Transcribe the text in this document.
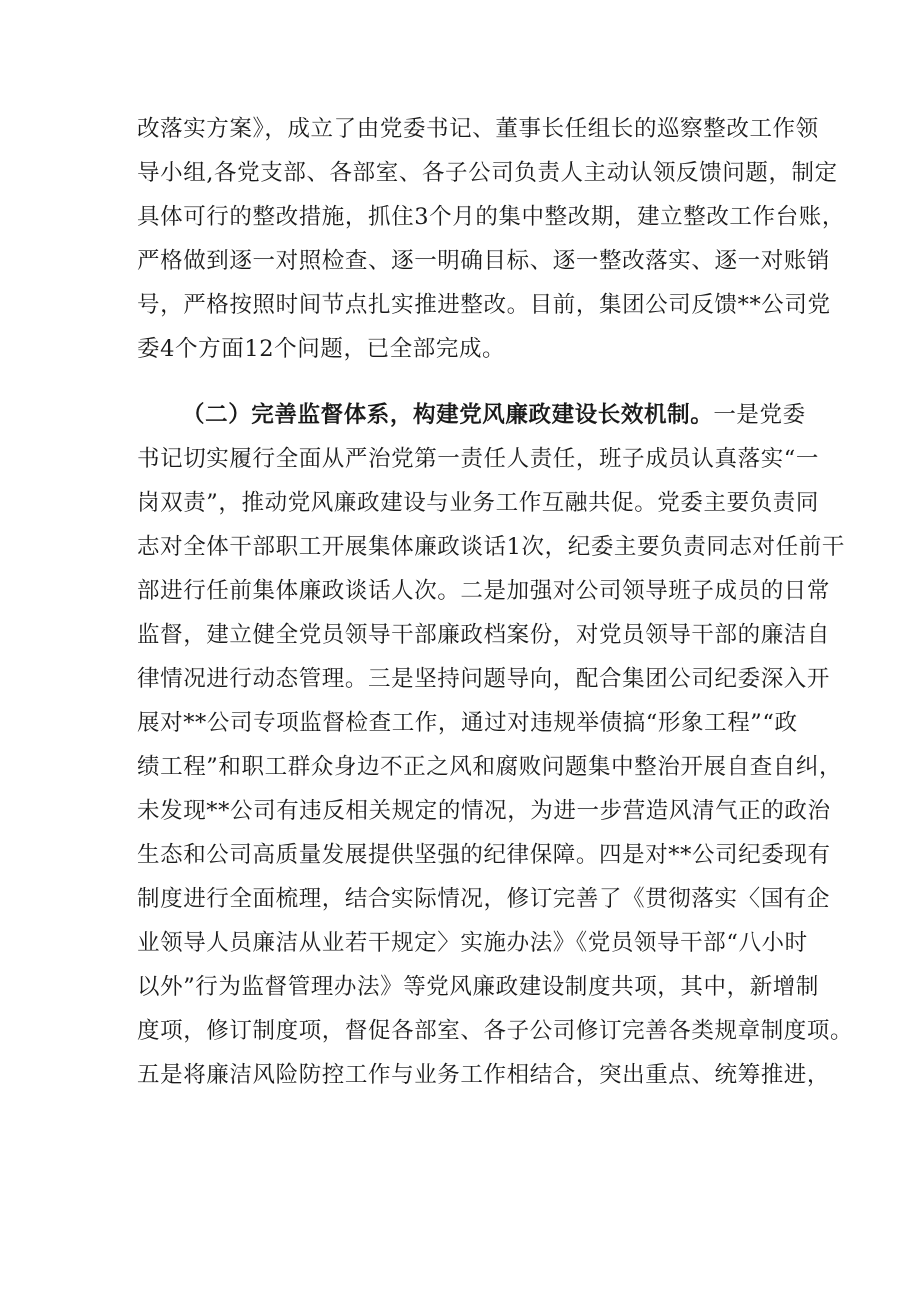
改落实方案》，成立了由党委书记、董事长任组长的巡察整改工作领
导小组,各党支部、各部室、各子公司负责人主动认领反馈问题，制定
具体可行的整改措施，抓住3个月的集中整改期，建立整改工作台账，
严格做到逐一对照检查、逐一明确目标、逐一整改落实、逐一对账销
号，严格按照时间节点扎实推进整改。目前，集团公司反馈**公司党
委4个方面12个问题，已全部完成。
（二）完善监督体系，构建党风廉政建设长效机制。一是党委
书记切实履行全面从严治党第一责任人责任，班子成员认真落实“一
岗双责”，推动党风廉政建设与业务工作互融共促。党委主要负责同
志对全体干部职工开展集体廉政谈话1次，纪委主要负责同志对任前干
部进行任前集体廉政谈话人次。二是加强对公司领导班子成员的日常
监督，建立健全党员领导干部廉政档案份，对党员领导干部的廉洁自
律情况进行动态管理。三是坚持问题导向，配合集团公司纪委深入开
展对**公司专项监督检查工作，通过对违规举债搞“形象工程”“政
绩工程”和职工群众身边不正之风和腐败问题集中整治开展自查自纠，
未发现**公司有违反相关规定的情况，为进一步营造风清气正的政治
生态和公司高质量发展提供坚强的纪律保障。四是对**公司纪委现有
制度进行全面梳理，结合实际情况，修订完善了《贯彻落实〈国有企
业领导人员廉洁从业若干规定〉实施办法》《党员领导干部“八小时
以外”行为监督管理办法》等党风廉政建设制度共项，其中，新增制
度项，修订制度项，督促各部室、各子公司修订完善各类规章制度项。
五是将廉洁风险防控工作与业务工作相结合，突出重点、统筹推进，
